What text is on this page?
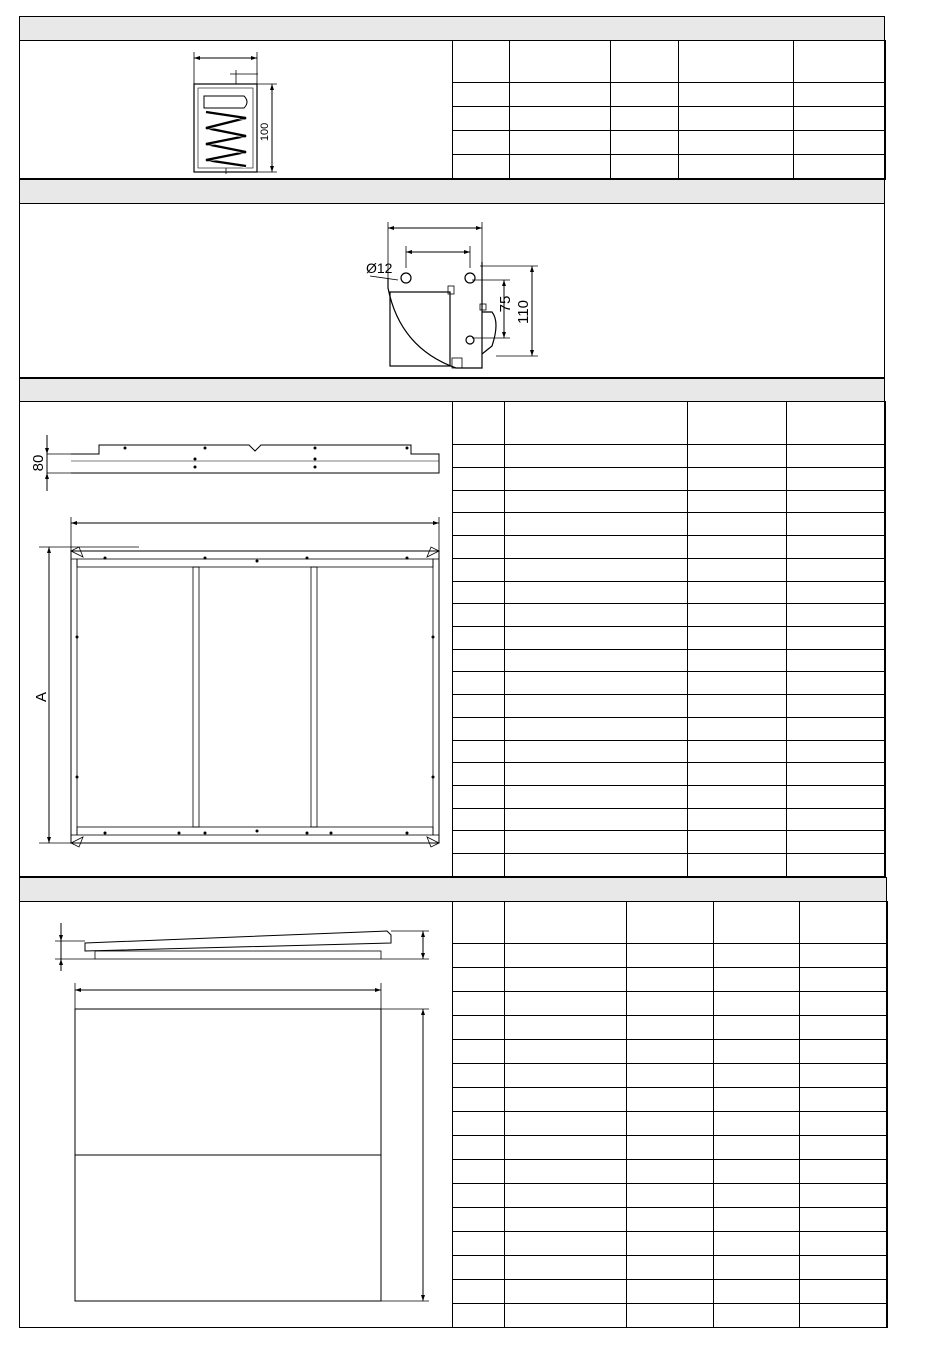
100

Ø12
75 110
80
A
